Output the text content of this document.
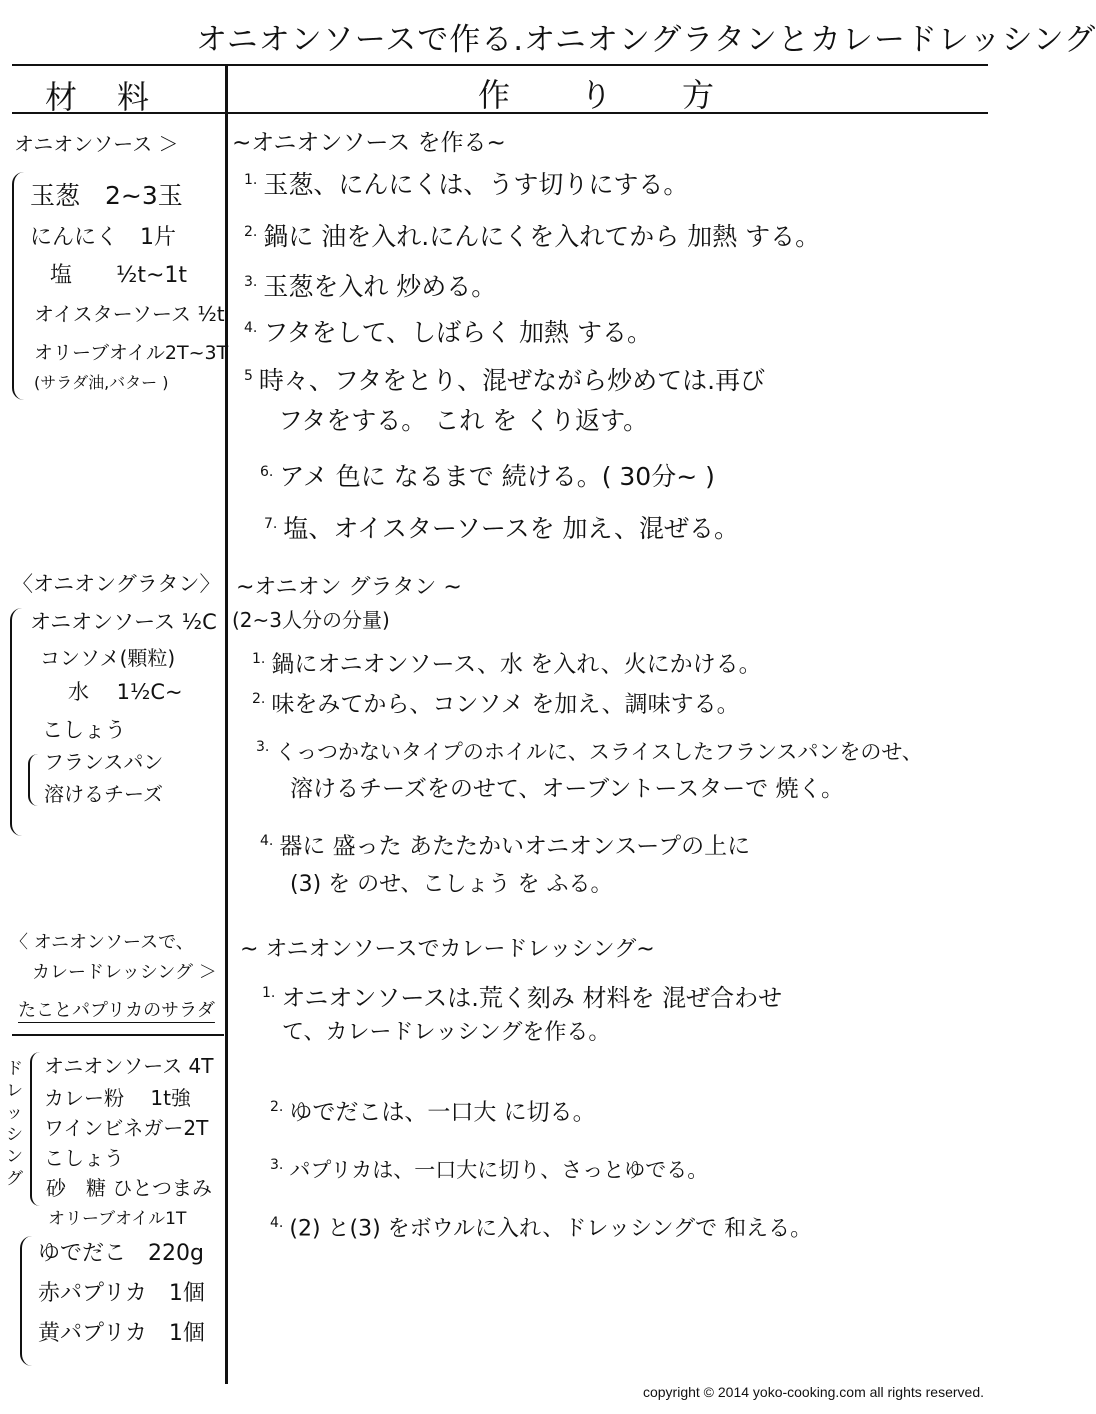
オニオンソースで作る.オニオングラタンとカレードレッシング
材料	作り方
オニオンソース ＞
玉葱　2~3玉
にんにく　1片
塩　　½t~1t
オイスターソース ½t
オリーブオイル2T~3T
(サラダ油,バター )
~オニオンソース を作る~
$^{1.}$ 玉葱、にんにくは、うす切りにする。
$^{2.}$ 鍋に 油を入れ.にんにくを入れてから 加熱 する。
$^{3.}$ 玉葱を入れ 炒める。
$^{4.}$ フタをして、しばらく 加熱 する。
$^5$ 時々、フタをとり、混ぜながら炒めては.再び
フタをする。 これ を くり返す。
$^{6.}$ アメ 色に なるまで 続ける。( 30分~ )
$^{7.}$ 塩、オイスターソースを 加え、混ぜる。
〈オニオングラタン〉
オニオンソース ½C
コンソメ(顆粒)
水　 1½C~
こしょう
フランスパン
溶けるチーズ
~オニオン グラタン ~
(2~3人分の分量)
$^{1.}$ 鍋にオニオンソース、水 を入れ、火にかける。
$^{2.}$ 味をみてから、コンソメ を加え、調味する。
$^{3.}$ くっつかないタイプのホイルに、スライスしたフランスパンをのせ、
溶けるチーズをのせて、オーブントースターで 焼く。
$^{4.}$ 器に 盛った あたたかいオニオンスープの上に
(3) を のせ、こしょう を ふる。
〈 オニオンソースで、
カレードレッシング ＞
たことパプリカのサラダ
ドレッシング
オニオンソース 4T
カレー粉　 1t強
ワインビネガー2T
こしょう
砂　糖 ひとつまみ
オリーブオイル1T
ゆでだこ　220g
赤パプリカ　1個
黄パプリカ　1個
~ オニオンソースでカレードレッシング~
$^{1.}$ オニオンソースは.荒く刻み 材料を 混ぜ合わせ
て、カレードレッシングを作る。
$^{2.}$ ゆでだこは、一口大 に切る。
$^{3.}$ パプリカは、一口大に切り、さっとゆでる。
$^{4.}$ (2) と(3) をボウルに入れ、ドレッシングで 和える。
copyright © 2014 yoko-cooking.com all rights reserved.
